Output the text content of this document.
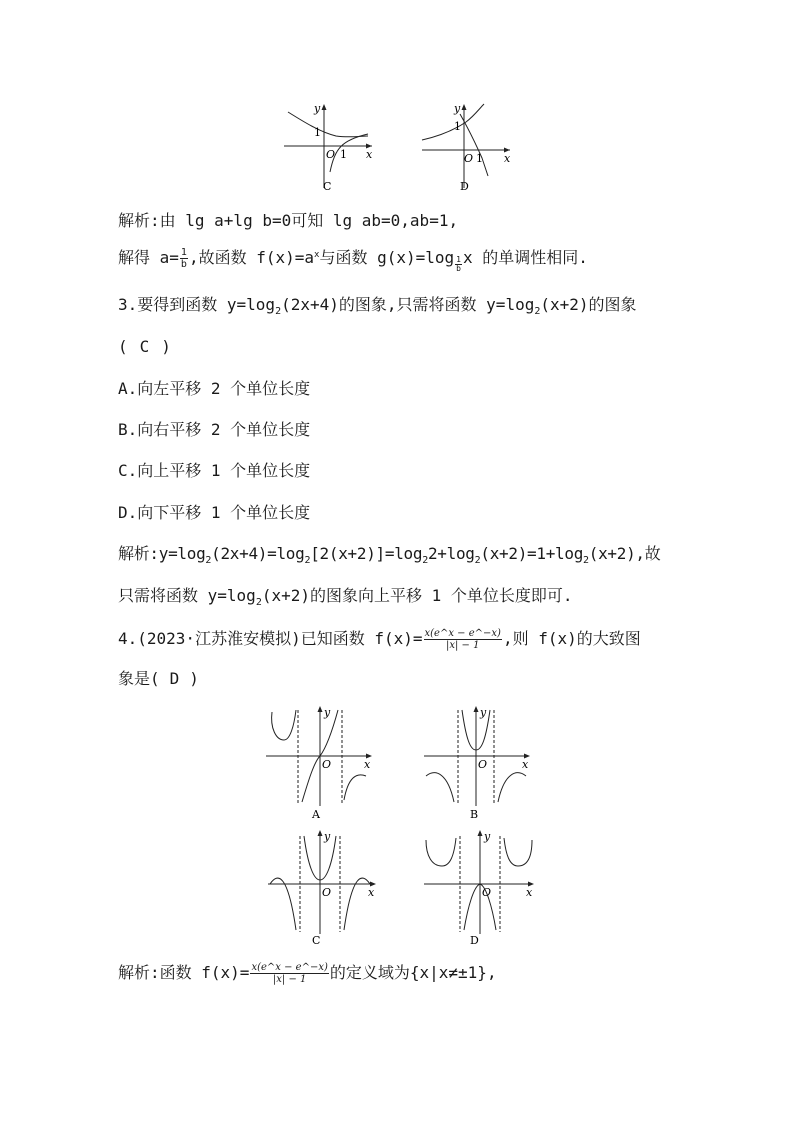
y
x
O 1
1
C
y
x
O 1
1
D
解析:由 lg a+lg b=0可知 lg ab=0,ab=1,
解得 $a= \frac{1}{b}$ ,故函数 $f(x)=a^x$与函数 $g(x)=\log \frac{1}{b}$ x 的单调性相同.
3.要得到函数 $y=\log_2(2x+4)$的图象,只需将函数 $y=\log_2(x+2)$的图象
( C )
A.向左平移 2 个单位长度
B.向右平移 2 个单位长度
C.向上平移 1 个单位长度
D.向下平移 1 个单位长度
解析$:y=\log_2(2x+4)=\log_2[2(x+2)]=\log_22+\log_2(x+2)=1+\log_2(x+2)$,故
只需将函数 $y=\log_2(x+2)$的图象向上平移 1 个单位长度即可.
4.(2023·江苏淮安模拟)已知函数 $f(x)= \frac{x(e\^{}x - e\^{}-x)}{|x| - 1}$ ,则 f(x)的大致图
象是( D )
y
x
O
A
y
x
O
B
y
x
O
C
y
x
O
D
解析:函数 $f(x)= \frac{x(e\^{}x - e\^{}-x)}{|x| - 1}$ 的定义域为{x|x≠±1},
